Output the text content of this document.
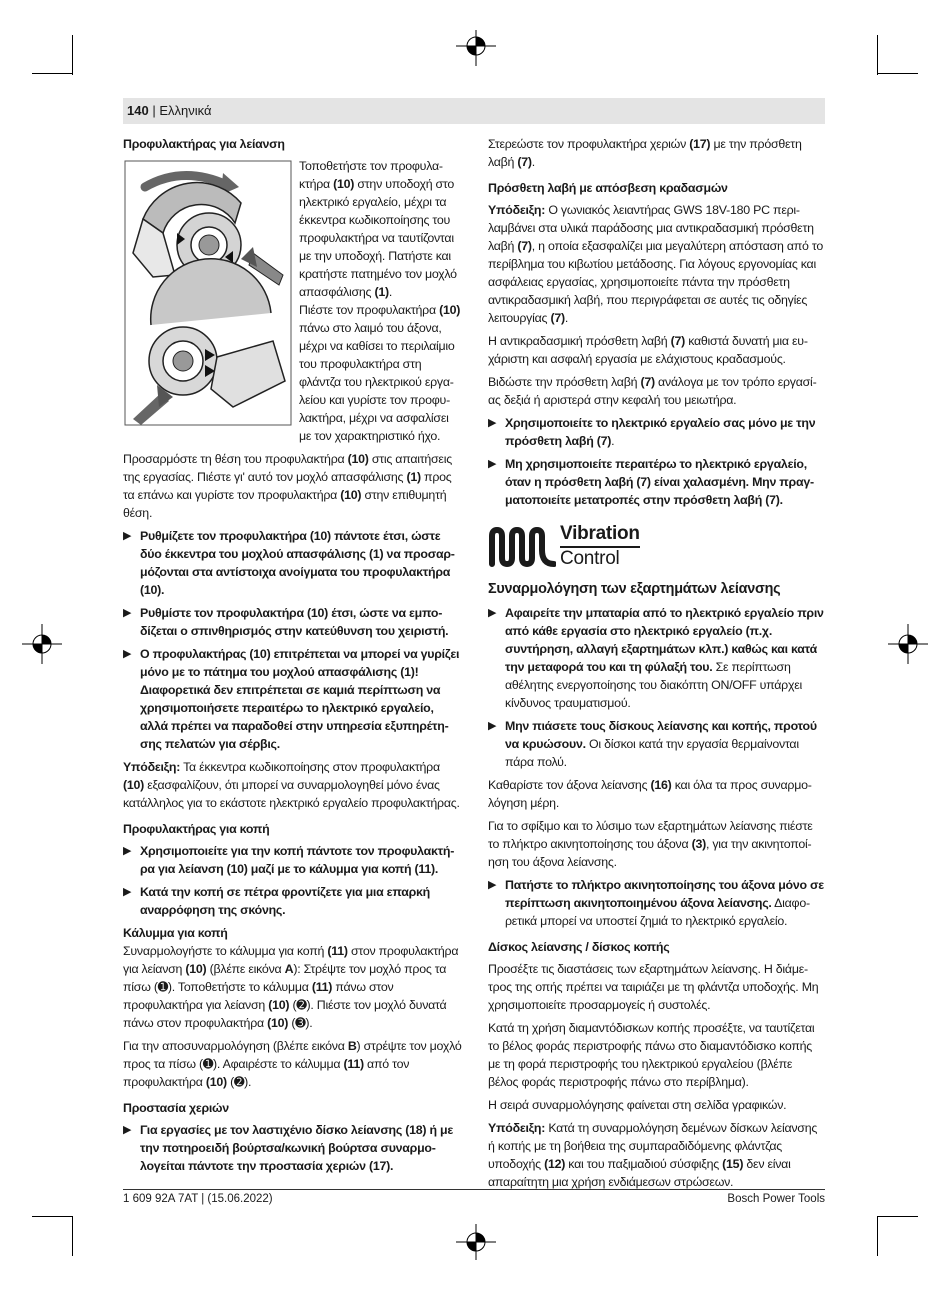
140 | Ελληνικά

Προφυλακτήρας για λείανση

Τοποθετήστε τον προφυλακτήρα (10) στην υποδοχή στο ηλεκτρικό εργαλείο, μέχρι τα έκκεντρα κωδικοποίησης του προφυλακτήρα να ταυτίζονται με την υποδοχή. Πατήστε και κρατήστε πατημένο τον μοχλό απασφάλισης (1).
Πιέστε τον προφυλακτήρα (10) πάνω στο λαιμό του άξονα, μέχρι να καθίσει το περιλαίμιο του προφυλακτήρα στη φλάντζα του ηλεκτρικού εργαλείου και γυρίστε τον προφυλακτήρα, μέχρι να ασφαλίσει με τον χαρακτηριστικό ήχο.

Προσαρμόστε τη θέση του προφυλακτήρα (10) στις απαιτήσεις της εργασίας. Πιέστε γι' αυτό τον μοχλό απασφάλισης (1) προς τα επάνω και γυρίστε τον προφυλακτήρα (10) στην επιθυμητή θέση.

▶ Ρυθμίζετε τον προφυλακτήρα (10) πάντοτε έτσι, ώστε δύο έκκεντρα του μοχλού απασφάλισης (1) να προσαρμόζονται στα αντίστοιχα ανοίγματα του προφυλακτήρα (10).
▶ Ρυθμίστε τον προφυλακτήρα (10) έτσι, ώστε να εμποδίζεται ο σπινθηρισμός στην κατεύθυνση του χειριστή.
▶ Ο προφυλακτήρας (10) επιτρέπεται να μπορεί να γυρίζει μόνο με το πάτημα του μοχλού απασφάλισης (1)! Διαφορετικά δεν επιτρέπεται σε καμιά περίπτωση να χρησιμοποιήσετε περαιτέρω το ηλεκτρικό εργαλείο, αλλά πρέπει να παραδοθεί στην υπηρεσία εξυπηρέτησης πελατών για σέρβις.

Υπόδειξη: Τα έκκεντρα κωδικοποίησης στον προφυλακτήρα (10) εξασφαλίζουν, ότι μπορεί να συναρμολογηθεί μόνο ένας κατάλληλος για το εκάστοτε ηλεκτρικό εργαλείο προφυλακτήρας.

Προφυλακτήρας για κοπή

▶ Χρησιμοποιείτε για την κοπή πάντοτε τον προφυλακτήρα για λείανση (10) μαζί με το κάλυμμα για κοπή (11).
▶ Κατά την κοπή σε πέτρα φροντίζετε για μια επαρκή αναρρόφηση της σκόνης.

Κάλυμμα για κοπή

Συναρμολογήστε το κάλυμμα για κοπή (11) στον προφυλακτήρα για λείανση (10) (βλέπε εικόνα A): Στρέψτε τον μοχλό προς τα πίσω (➊). Τοποθετήστε το κάλυμμα (11) πάνω στον προφυλακτήρα για λείανση (10) (➋). Πιέστε τον μοχλό δυνατά πάνω στον προφυλακτήρα (10) (➌).

Για την αποσυναρμολόγηση (βλέπε εικόνα B) στρέψτε τον μοχλό προς τα πίσω (➊). Αφαιρέστε το κάλυμμα (11) από τον προφυλακτήρα (10) (➋).

Προστασία χεριών

▶ Για εργασίες με τον λαστιχένιο δίσκο λείανσης (18) ή με την ποτηροειδή βούρτσα/κωνική βούρτσα συναρμολογείται πάντοτε την προστασία χεριών (17).

Στερεώστε τον προφυλακτήρα χεριών (17) με την πρόσθετη λαβή (7).

Πρόσθετη λαβή με απόσβεση κραδασμών

Υπόδειξη: Ο γωνιακός λειαντήρας GWS 18V-180 PC περιλαμβάνει στα υλικά παράδοσης μια αντικραδασμική πρόσθετη λαβή (7), η οποία εξασφαλίζει μια μεγαλύτερη απόσταση από το περίβλημα του κιβωτίου μετάδοσης. Για λόγους εργονομίας και ασφάλειας εργασίας, χρησιμοποιείτε πάντα την πρόσθετη αντικραδασμική λαβή, που περιγράφεται σε αυτές τις οδηγίες λειτουργίας (7).

Η αντικραδασμική πρόσθετη λαβή (7) καθιστά δυνατή μια ευχάριστη και ασφαλή εργασία με ελάχιστους κραδασμούς.

Βιδώστε την πρόσθετη λαβή (7) ανάλογα με τον τρόπο εργασίας δεξιά ή αριστερά στην κεφαλή του μειωτήρα.

▶ Χρησιμοποιείτε το ηλεκτρικό εργαλείο σας μόνο με την πρόσθετη λαβή (7).
▶ Μη χρησιμοποιείτε περαιτέρω το ηλεκτρικό εργαλείο, όταν η πρόσθετη λαβή (7) είναι χαλασμένη. Μην πραγματοποιείτε μετατροπές στην πρόσθετη λαβή (7).
Vibration
Control

Συναρμολόγηση των εξαρτημάτων λείανσης

▶ Αφαιρείτε την μπαταρία από το ηλεκτρικό εργαλείο πριν από κάθε εργασία στο ηλεκτρικό εργαλείο (π.χ. συντήρηση, αλλαγή εξαρτημάτων κλπ.) καθώς και κατά την μεταφορά του και τη φύλαξή του. Σε περίπτωση αθέλητης ενεργοποίησης του διακόπτη ON/OFF υπάρχει κίνδυνος τραυματισμού.
▶ Μην πιάσετε τους δίσκους λείανσης και κοπής, προτού να κρυώσουν. Οι δίσκοι κατά την εργασία θερμαίνονται πάρα πολύ.

Καθαρίστε τον άξονα λείανσης (16) και όλα τα προς συναρμολόγηση μέρη.

Για το σφίξιμο και το λύσιμο των εξαρτημάτων λείανσης πιέστε το πλήκτρο ακινητοποίησης του άξονα (3), για την ακινητοποίηση του άξονα λείανσης.

▶ Πατήστε το πλήκτρο ακινητοποίησης του άξονα μόνο σε περίπτωση ακινητοποιημένου άξονα λείανσης. Διαφορετικά μπορεί να υποστεί ζημιά το ηλεκτρικό εργαλείο.

Δίσκος λείανσης / δίσκος κοπής

Προσέξτε τις διαστάσεις των εξαρτημάτων λείανσης. Η διάμετρος της οπής πρέπει να ταιριάζει με τη φλάντζα υποδοχής. Μη χρησιμοποιείτε προσαρμογείς ή συστολές.

Κατά τη χρήση διαμαντόδισκων κοπής προσέξτε, να ταυτίζεται το βέλος φοράς περιστροφής πάνω στο διαμαντόδισκο κοπής με τη φορά περιστροφής του ηλεκτρικού εργαλείου (βλέπε βέλος φοράς περιστροφής πάνω στο περίβλημα).

Η σειρά συναρμολόγησης φαίνεται στη σελίδα γραφικών.

Υπόδειξη: Κατά τη συναρμολόγηση δεμένων δίσκων λείανσης ή κοπής με τη βοήθεια της συμπαραδιδόμενης φλάντζας υποδοχής (12) και του παξιμαδιού σύσφιξης (15) δεν είναι απαραίτητη μια χρήση ενδιάμεσων στρώσεων.

1 609 92A 7AT | (15.06.2022)	Bosch Power Tools
